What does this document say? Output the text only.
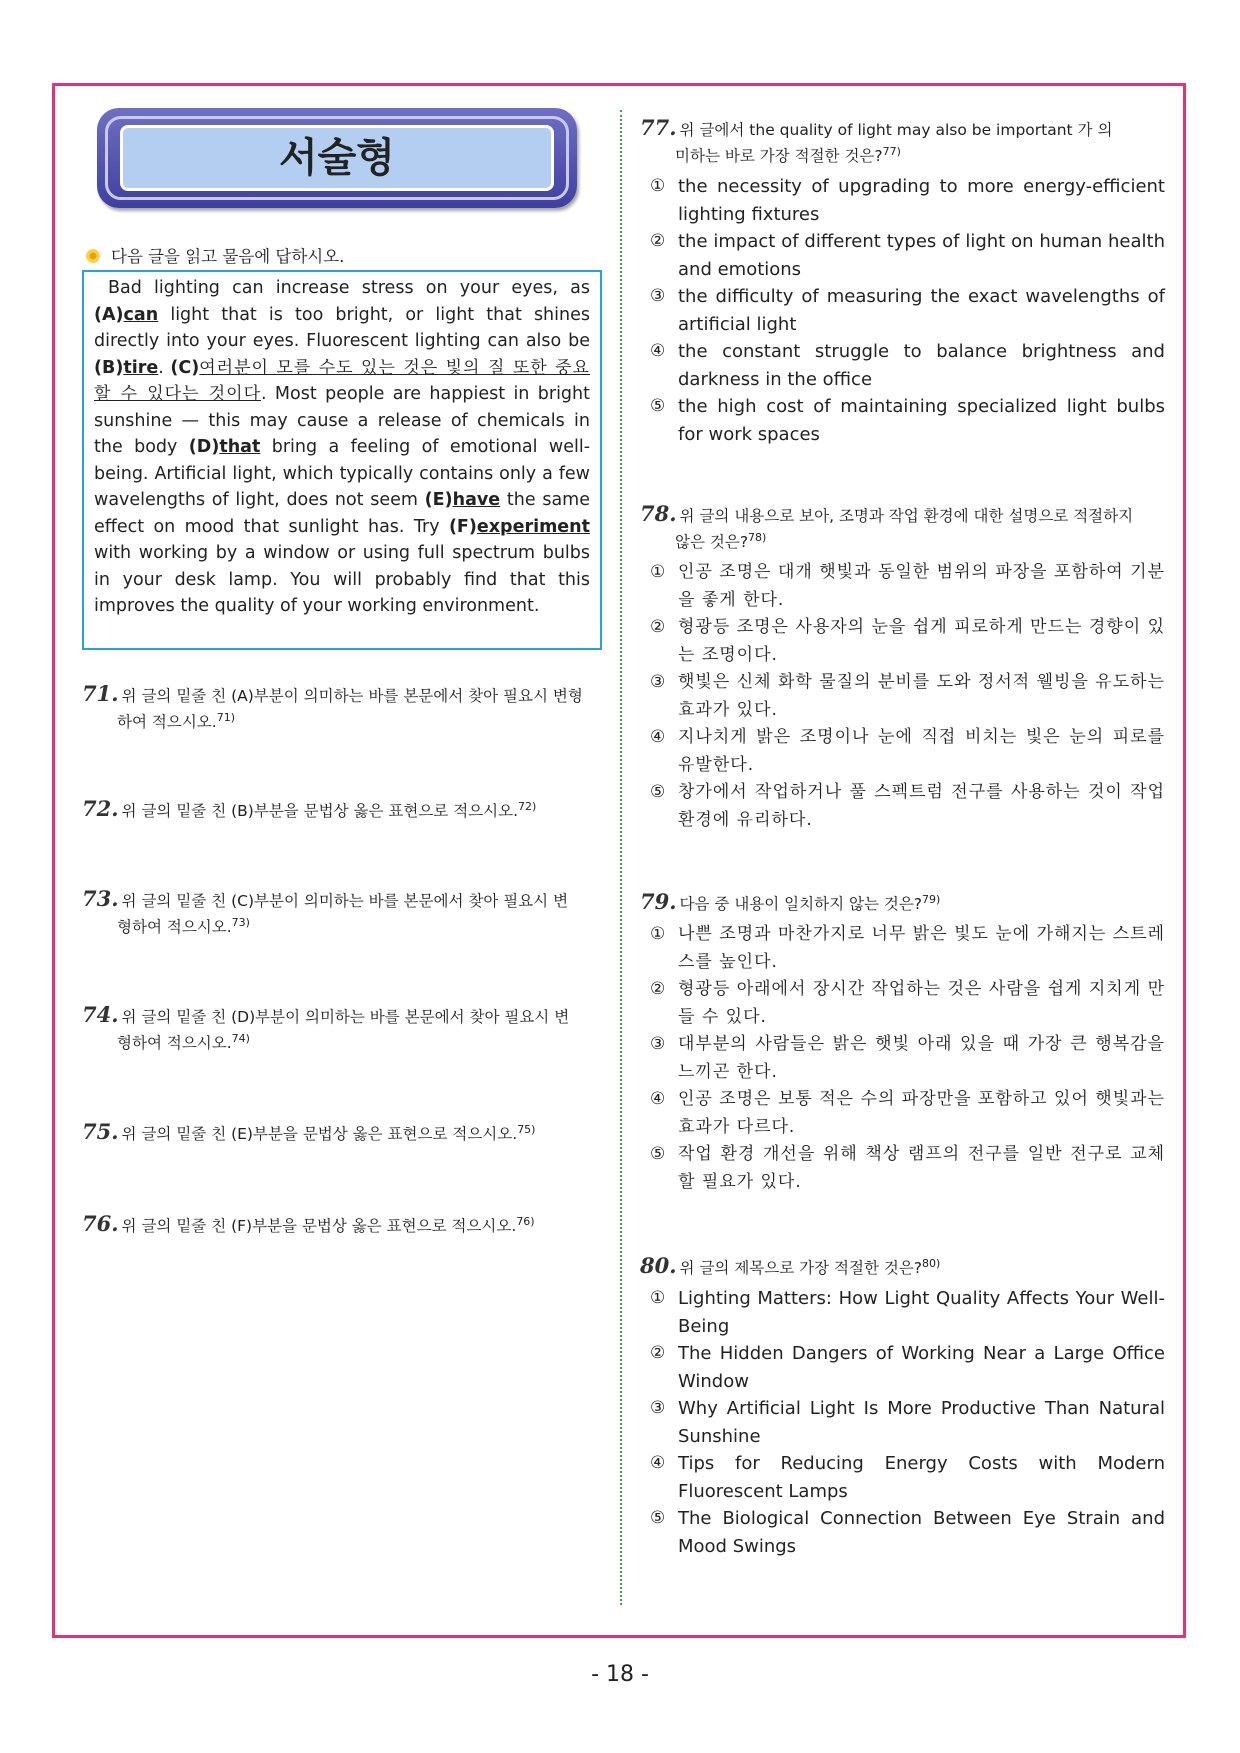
서술형
다음 글을 읽고 물음에 답하시오.
Bad lighting can increase stress on your eyes, as (A)can light that is too bright, or light that shines directly into your eyes. Fluorescent lighting can also be (B)tire. (C)여러분이 모를 수도 있는 것은 빛의 질 또한 중요할 수 있다는 것이다. Most people are happiest in bright sunshine — this may cause a release of chemicals in the body (D)that bring a feeling of emotional well-being. Artificial light, which typically contains only a few wavelengths of light, does not seem (E)have the same effect on mood that sunlight has. Try (F)experiment with working by a window or using full spectrum bulbs in your desk lamp. You will probably find that this improves the quality of your working environment.
71. 위 글의 밑줄 친 (A)부분이 의미하는 바를 본문에서 찾아 필요시 변형
하여 적으시오.$^{71)}$
72. 위 글의 밑줄 친 (B)부분을 문법상 옳은 표현으로 적으시오.$^{72)}$
73. 위 글의 밑줄 친 (C)부분이 의미하는 바를 본문에서 찾아 필요시 변
형하여 적으시오.$^{73)}$
74. 위 글의 밑줄 친 (D)부분이 의미하는 바를 본문에서 찾아 필요시 변
형하여 적으시오.$^{74)}$
75. 위 글의 밑줄 친 (E)부분을 문법상 옳은 표현으로 적으시오.$^{75)}$
76. 위 글의 밑줄 친 (F)부분을 문법상 옳은 표현으로 적으시오.$^{76)}$
77. 위 글에서 the quality of light may also be important 가 의
미하는 바로 가장 적절한 것은?$^{77)}$
① the necessity of upgrading to more energy-efficient lighting fixtures
② the impact of different types of light on human health and emotions
③ the difficulty of measuring the exact wavelengths of artificial light
④ the constant struggle to balance brightness and darkness in the office
⑤ the high cost of maintaining specialized light bulbs for work spaces
78. 위 글의 내용으로 보아, 조명과 작업 환경에 대한 설명으로 적절하지
않은 것은?$^{78)}$
① 인공 조명은 대개 햇빛과 동일한 범위의 파장을 포함하여 기분을 좋게 한다.
② 형광등 조명은 사용자의 눈을 쉽게 피로하게 만드는 경향이 있는 조명이다.
③ 햇빛은 신체 화학 물질의 분비를 도와 정서적 웰빙을 유도하는 효과가 있다.
④ 지나치게 밝은 조명이나 눈에 직접 비치는 빛은 눈의 피로를 유발한다.
⑤ 창가에서 작업하거나 풀 스펙트럼 전구를 사용하는 것이 작업 환경에 유리하다.
79. 다음 중 내용이 일치하지 않는 것은?$^{79)}$
① 나쁜 조명과 마찬가지로 너무 밝은 빛도 눈에 가해지는 스트레스를 높인다.
② 형광등 아래에서 장시간 작업하는 것은 사람을 쉽게 지치게 만들 수 있다.
③ 대부분의 사람들은 밝은 햇빛 아래 있을 때 가장 큰 행복감을 느끼곤 한다.
④ 인공 조명은 보통 적은 수의 파장만을 포함하고 있어 햇빛과는 효과가 다르다.
⑤ 작업 환경 개선을 위해 책상 램프의 전구를 일반 전구로 교체할 필요가 있다.
80. 위 글의 제목으로 가장 적절한 것은?$^{80)}$
① Lighting Matters: How Light Quality Affects Your Well-Being
② The Hidden Dangers of Working Near a Large Office Window
③ Why Artificial Light Is More Productive Than Natural Sunshine
④ Tips for Reducing Energy Costs with Modern Fluorescent Lamps
⑤ The Biological Connection Between Eye Strain and Mood Swings
- 18 -
